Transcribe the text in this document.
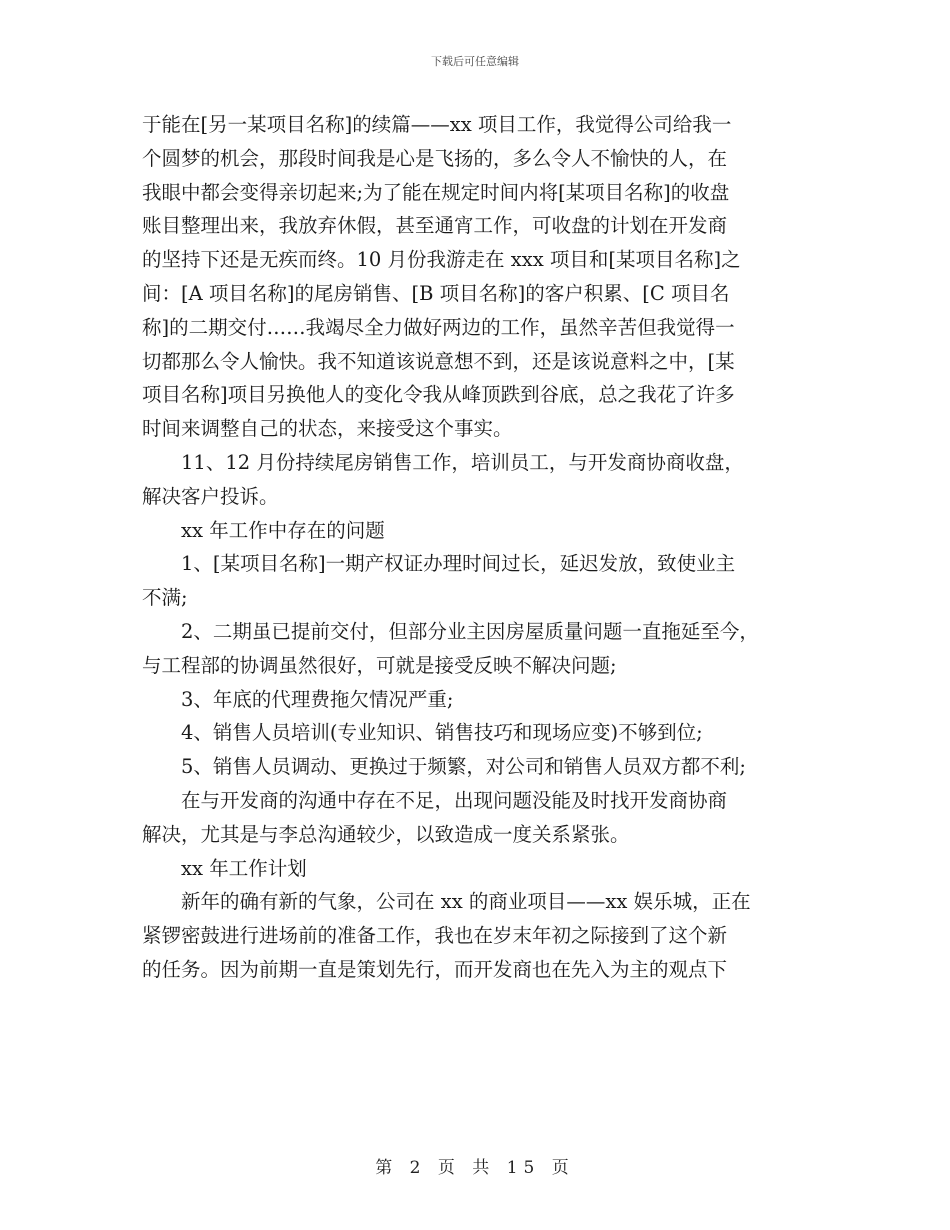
下载后可任意编辑

于能在[另一某项目名称]的续篇——xx 项目工作，我觉得公司给我一
个圆梦的机会，那段时间我是心是飞扬的，多么令人不愉快的人，在
我眼中都会变得亲切起来;为了能在规定时间内将[某项目名称]的收盘
账目整理出来，我放弃休假，甚至通宵工作，可收盘的计划在开发商
的坚持下还是无疾而终。10 月份我游走在 xxx 项目和[某项目名称]之
间：[A 项目名称]的尾房销售、[B 项目名称]的客户积累、[C 项目名
称]的二期交付……我竭尽全力做好两边的工作，虽然辛苦但我觉得一
切都那么令人愉快。我不知道该说意想不到，还是该说意料之中，[某
项目名称]项目另换他人的变化令我从峰顶跌到谷底，总之我花了许多
时间来调整自己的状态，来接受这个事实。
　　11、12 月份持续尾房销售工作，培训员工，与开发商协商收盘，
解决客户投诉。
　　xx 年工作中存在的问题
　　1、[某项目名称]一期产权证办理时间过长，延迟发放，致使业主
不满;
　　2、二期虽已提前交付，但部分业主因房屋质量问题一直拖延至今，
与工程部的协调虽然很好，可就是接受反映不解决问题;
　　3、年底的代理费拖欠情况严重;
　　4、销售人员培训(专业知识、销售技巧和现场应变)不够到位;
　　5、销售人员调动、更换过于频繁，对公司和销售人员双方都不利;
　　在与开发商的沟通中存在不足，出现问题没能及时找开发商协商
解决，尤其是与李总沟通较少，以致造成一度关系紧张。
　　xx 年工作计划
　　新年的确有新的气象，公司在 xx 的商业项目——xx 娱乐城，正在
紧锣密鼓进行进场前的准备工作，我也在岁末年初之际接到了这个新
的任务。因为前期一直是策划先行，而开发商也在先入为主的观点下

第 2 页 共 15 页
